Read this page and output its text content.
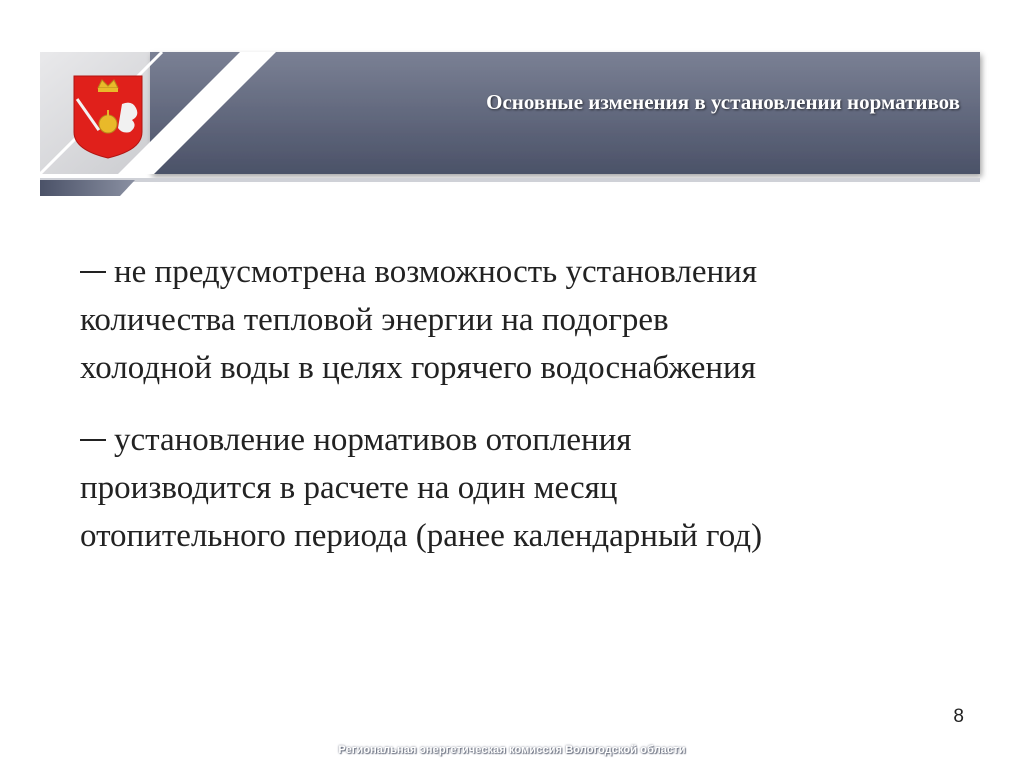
Основные изменения в установлении нормативов
не предусмотрена возможность установления
количества тепловой энергии на подогрев
холодной воды в целях горячего водоснабжения
установление нормативов отопления
производится в расчете на один месяц
отопительного периода (ранее календарный год)
8
Региональная энергетическая комиссия Вологодской области
